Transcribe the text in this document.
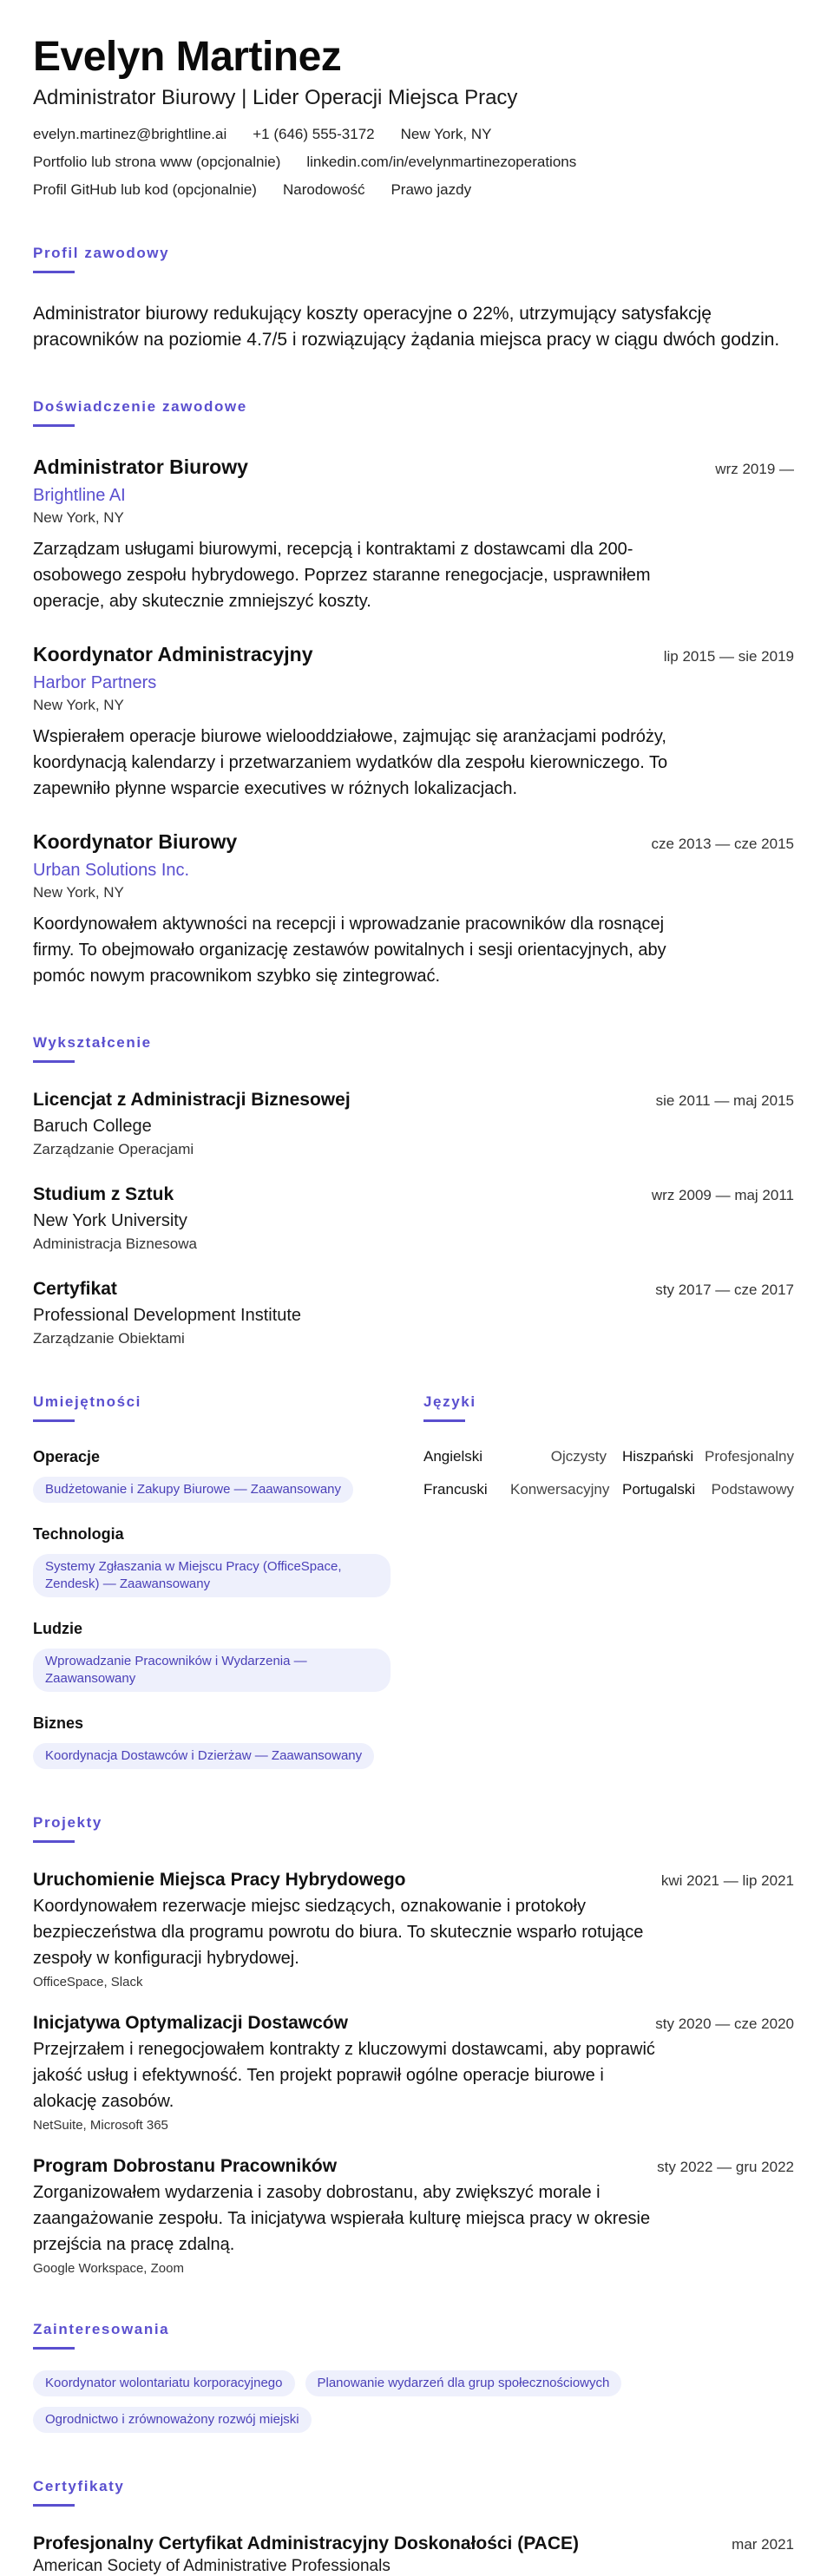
Evelyn Martinez
Administrator Biurowy | Lider Operacji Miejsca Pracy
evelyn.martinez@brightline.ai +1 (646) 555-3172 New York, NY
Portfolio lub strona www (opcjonalnie) linkedin.com/in/evelynmartinezoperations
Profil GitHub lub kod (opcjonalnie) Narodowość Prawo jazdy
Profil zawodowy

Administrator biurowy redukujący koszty operacyjne o 22%, utrzymujący satysfakcję pracowników na poziomie 4.7/5 i rozwiązujący żądania miejsca pracy w ciągu dwóch godzin.

Doświadczenie zawodowe
Administrator Biurowy	wrz 2019 —
Brightline AI
New York, NY

Zarządzam usługami biurowymi, recepcją i kontraktami z dostawcami dla 200-osobowego zespołu hybrydowego. Poprzez staranne renegocjacje, usprawniłem operacje, aby skutecznie zmniejszyć koszty.

Koordynator Administracyjny	lip 2015 — sie 2019
Harbor Partners
New York, NY

Wspierałem operacje biurowe wielooddziałowe, zajmując się aranżacjami podróży, koordynacją kalendarzy i przetwarzaniem wydatków dla zespołu kierowniczego. To zapewniło płynne wsparcie executives w różnych lokalizacjach.

Koordynator Biurowy	cze 2013 — cze 2015
Urban Solutions Inc.
New York, NY

Koordynowałem aktywności na recepcji i wprowadzanie pracowników dla rosnącej firmy. To obejmowało organizację zestawów powitalnych i sesji orientacyjnych, aby pomóc nowym pracownikom szybko się zintegrować.

Wykształcenie
Licencjat z Administracji Biznesowej	sie 2011 — maj 2015
Baruch College
Zarządzanie Operacjami
Studium z Sztuk	wrz 2009 — maj 2011
New York University
Administracja Biznesowa
Certyfikat	sty 2017 — cze 2017
Professional Development Institute
Zarządzanie Obiektami
Umiejętności
Operacje
Budżetowanie i Zakupy Biurowe — Zaawansowany
Technologia
Systemy Zgłaszania w Miejscu Pracy (OfficeSpace, Zendesk) — Zaawansowany
Ludzie
Wprowadzanie Pracowników i Wydarzenia — Zaawansowany
Biznes
Koordynacja Dostawców i Dzierżaw — Zaawansowany
Języki
Angielski	Ojczysty	Hiszpański Profesjonalny
Francuski	Konwersacyjny Portugalski	Podstawowy
Projekty
Uruchomienie Miejsca Pracy Hybrydowego	kwi 2021 — lip 2021

Koordynowałem rezerwacje miejsc siedzących, oznakowanie i protokoły bezpieczeństwa dla programu powrotu do biura. To skutecznie wsparło rotujące zespoły w konfiguracji hybrydowej.

OfficeSpace, Slack
Inicjatywa Optymalizacji Dostawców	sty 2020 — cze 2020

Przejrzałem i renegocjowałem kontrakty z kluczowymi dostawcami, aby poprawić jakość usług i efektywność. Ten projekt poprawił ogólne operacje biurowe i alokację zasobów.

NetSuite, Microsoft 365
Program Dobrostanu Pracowników	sty 2022 — gru 2022

Zorganizowałem wydarzenia i zasoby dobrostanu, aby zwiększyć morale i zaangażowanie zespołu. Ta inicjatywa wspierała kulturę miejsca pracy w okresie przejścia na pracę zdalną.

Google Workspace, Zoom
Zainteresowania
Koordynator wolontariatu korporacyjnego	Planowanie wydarzeń dla grup społecznościowych
Ogrodnictwo i zrównoważony rozwój miejski
Certyfikaty
Profesjonalny Certyfikat Administracyjny Doskonałości (PACE)	mar 2021
American Society of Administrative Professionals
